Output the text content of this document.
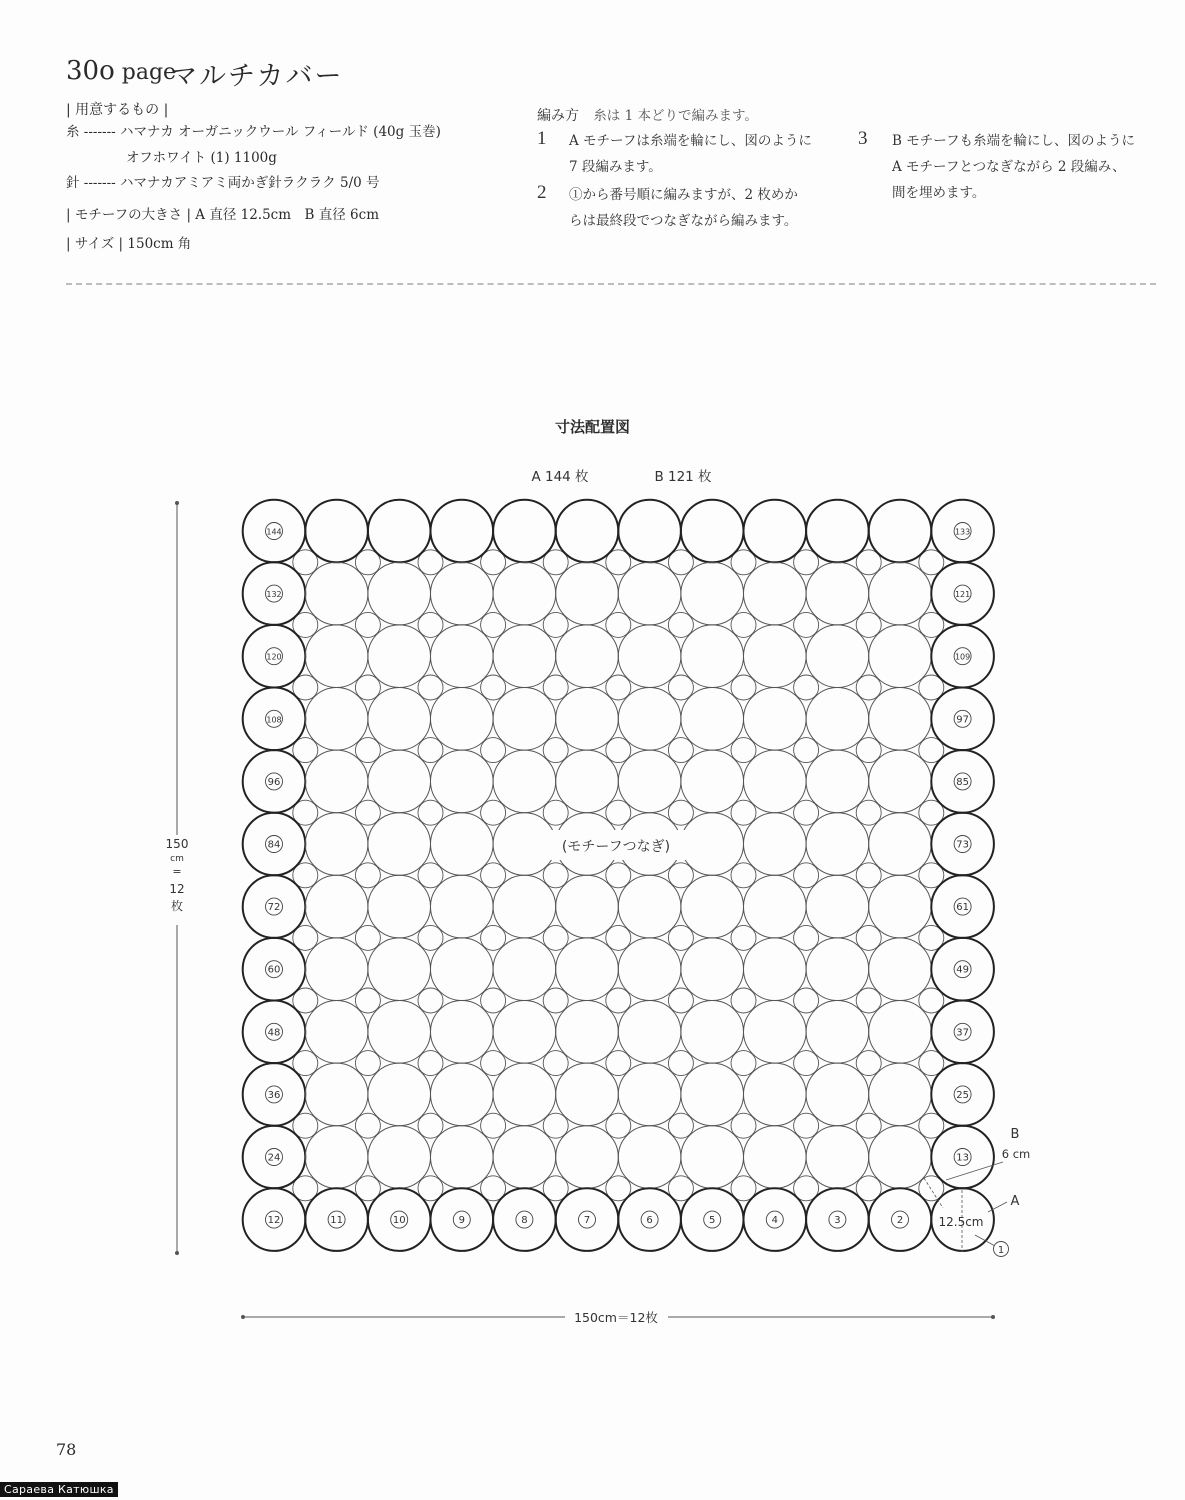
30o page
マルチカバー
| 用意するもの |
糸 ------- ハマナカ オーガニックウール フィールド (40g 玉巻)
オフホワイト (1) 1100g
針 ------- ハマナカアミアミ両かぎ針ラクラク 5/0 号
| モチーフの大きさ | A 直径 12.5cm　B 直径 6cm
| サイズ | 150cm 角
編み方 糸は 1 本どりで編みます。
1 A モチーフは糸端を輪にし、図のように
7 段編みます。
2 ①から番号順に編みますが、2 枚めか
らは最終段でつなぎながら編みます。
3 B モチーフも糸端を輪にし、図のように
A モチーフとつなぎながら 2 段編み、
間を埋めます。
寸法配置図
A 144 枚	B 121 枚
144
132
120
108
96
84
72
60
48
36
24
133
121
109
97
85
73
61
49
37
25
13
12	11	10	9	8	7	6	5	4	3	2
(モチーフつなぎ)
150
cm
=
12
枚
150cm＝12枚
B
6 cm
A
12.5cm
1
78
Сараева Катюшка
